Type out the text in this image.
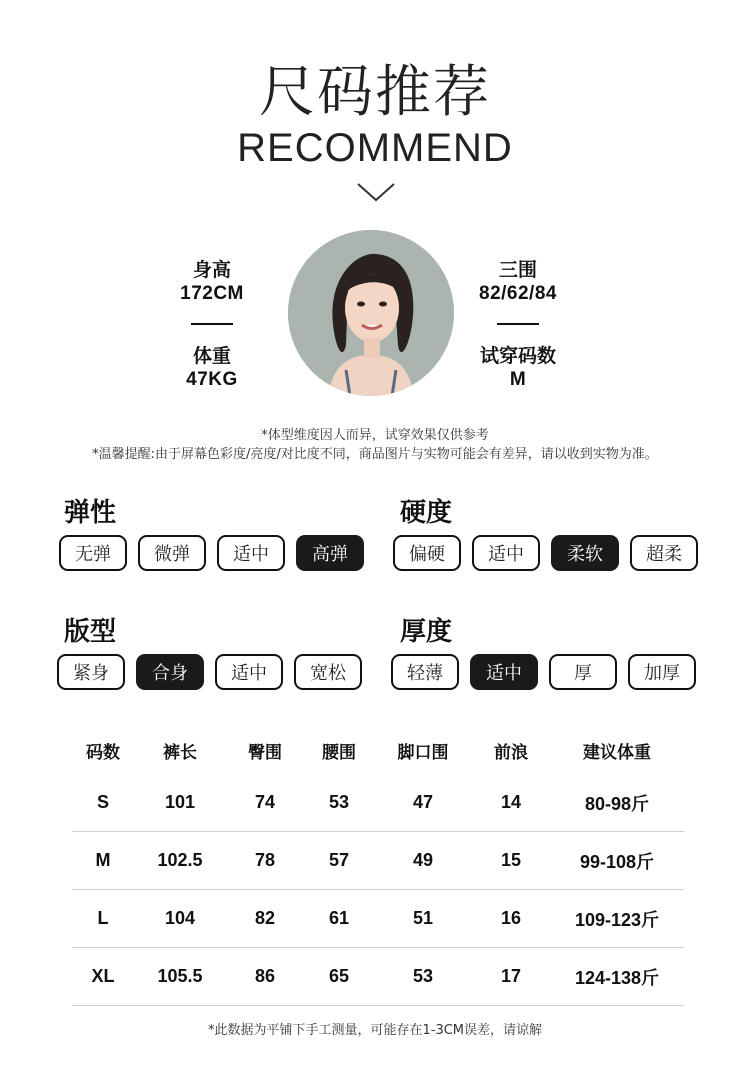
尺码推荐
RECOMMEND
身高
172CM
体重
47KG
三围
82/62/84
试穿码数
M
*体型维度因人而异，试穿效果仅供参考
*温馨提醒:由于屏幕色彩度/亮度/对比度不同，商品图片与实物可能会有差异，请以收到实物为准。
弹性
无弹	微弹	适中	高弹
硬度
偏硬	适中	柔软	超柔
版型
紧身	合身	适中	宽松
厚度
轻薄	适中	厚	加厚
码数	裤长	臀围	腰围	脚口围	前浪	建议体重
S	101	74	53	47	14	80-98斤
M	102.5	78	57	49	15	99-108斤
L	104	82	61	51	16	109-123斤
XL	105.5	86	65	53	17	124-138斤
*此数据为平铺下手工测量，可能存在1-3CM误差，请谅解
